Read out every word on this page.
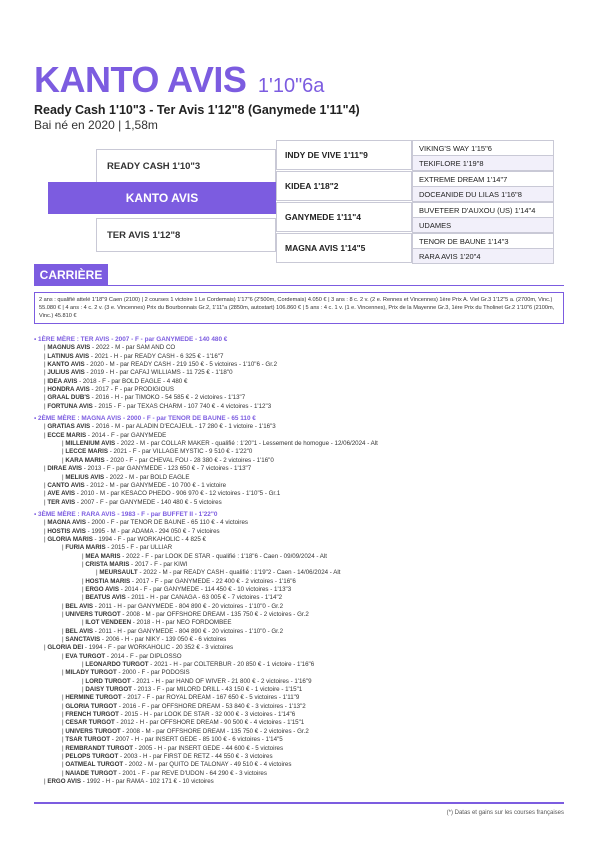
KANTO AVIS 1'10"6a
Ready Cash 1'10"3 - Ter Avis 1'12"8 (Ganymede 1'11"4)
Bai né en 2020 | 1,58m
READY CASH 1'10"3
KANTO AVIS
TER AVIS 1'12"8
INDY DE VIVE 1'11"9
KIDEA 1'18"2
GANYMEDE 1'11"4
MAGNA AVIS 1'14"5
VIKING'S WAY 1'15"6
TEKIFLORE 1'19"8
EXTREME DREAM 1'14"7
DOCEANIDE DU LILAS 1'16"8
BUVETEER D'AUXOU (US) 1'14"4
UDAMES
TENOR DE BAUNE 1'14"3
RARA AVIS 1'20"4
CARRIÈRE
2 ans : qualifié attelé 1'18"9 Caen (2100) | 2 courses 1 victoire 1 Le Cordemais) 1'17"6 (2'500m, Cordemais) 4.050 € | 3 ans : 8 c. 2 v. (2 e. Rennes et Vincennes) 1ère Prix A. Viel Gr.3 1'12"5 a. (2700m, Vinc.) 55.080 € | 4 ans : 4 c. 2 v. (3 e. Vincennes) Prix du Bourbonnais Gr.2, 1'11"a (2850m, autostart) 106.860 € | 5 ans : 4 c. 1 v. (1 e. Vincennes), Prix de la Mayenne Gr.3, 1ère Prix du Tholinet Gr.2 1'10"6 (2100m, Vinc.) 45.810 €
▪ 1ÈRE MÈRE : TER AVIS - 2007 - F - par GANYMEDE - 140 480 €
| MAGNUS AVIS - 2022 - M - par SAM AND CO
| LATINUS AVIS - 2021 - H - par READY CASH - 6 325 € - 1'16"7
| KANTO AVIS - 2020 - M - par READY CASH - 219 150 € - 5 victoires - 1'10"6 - Gr.2
| JULIUS AVIS - 2019 - H - par CAFAJ WILLIAMS - 11 725 € - 1'18"0
| IDEA AVIS - 2018 - F - par BOLD EAGLE - 4 480 €
| HONDRA AVIS - 2017 - F - par PRODIGIOUS
| GRAAL DUB'S - 2016 - H - par TIMOKO - 54 585 € - 2 victoires - 1'13"7
| FORTUNA AVIS - 2015 - F - par TEXAS CHARM - 107 740 € - 4 victoires - 1'12"3
▪ 2ÈME MÈRE : MAGNA AVIS - 2000 - F - par TENOR DE BAUNE - 65 110 €
| GRATIAS AVIS - 2016 - M - par ALADIN D'ECAJEUL - 17 280 € - 1 victoire - 1'16"3
| ECCE MARIS - 2014 - F - par GANYMEDE
| MILLENIUM AVIS - 2022 - M - par COLLAR MAKER - qualifié : 1'20"1 - Lessement de homogue - 12/06/2024 - Alt
| LECCE MARIS - 2021 - F - par VILLAGE MYSTIC - 9 510 € - 1'22"0
| KARA MARIS - 2020 - F - par CHEVAL FOU - 28 380 € - 2 victoires - 1'16"0
| DIRAE AVIS - 2013 - F - par GANYMEDE - 123 650 € - 7 victoires - 1'13"7
| MELIUS AVIS - 2022 - M - par BOLD EAGLE
| CANTO AVIS - 2012 - M - par GANYMEDE - 10 700 € - 1 victoire
| AVE AVIS - 2010 - M - par KESACO PHEDO - 906 970 € - 12 victoires - 1'10"5 - Gr.1
| TER AVIS - 2007 - F - par GANYMEDE - 140 480 € - 5 victoires
▪ 3ÈME MÈRE : RARA AVIS - 1983 - F - par BUFFET II - 1'22"0
| MAGNA AVIS - 2000 - F - par TENOR DE BAUNE - 65 110 € - 4 victoires
| HOSTIS AVIS - 1995 - M - par ADAMA - 294 050 € - 7 victoires
| GLORIA MARIS - 1994 - F - par WORKAHOLIC - 4 825 €
| FURIA MARIS - 2015 - F - par ULLIAR
| MEA MARIS - 2022 - F - par LOOK DE STAR - qualifié : 1'18"6 - Caen - 09/09/2024 - Alt
| CRISTA MARIS - 2017 - F - par KIWI
| MEURSAULT - 2022 - M - par READY CASH - qualifié : 1'19"2 - Caen - 14/06/2024 - Alt
| HOSTIA MARIS - 2017 - F - par GANYMEDE - 22 400 € - 2 victoires - 1'16"6
| ERGO AVIS - 2014 - F - par GANYMEDE - 114 450 € - 10 victoires - 1'13"3
| BEATUS AVIS - 2011 - H - par CANAGA - 63 005 € - 7 victoires - 1'14"2
| BEL AVIS - 2011 - H - par GANYMEDE - 804 890 € - 20 victoires - 1'10"0 - Gr.2
| UNIVERS TURGOT - 2008 - M - par OFFSHORE DREAM - 135 750 € - 2 victoires - Gr.2
| ILOT VENDEEN - 2018 - H - par NEO FORDOMBEE
| BEL AVIS - 2011 - H - par GANYMEDE - 804 890 € - 20 victoires - 1'10"0 - Gr.2
| SANCTAVIS - 2006 - H - par NIKY - 139 050 € - 6 victoires
| GLORIA DEI - 1994 - F - par WORKAHOLIC - 20 352 € - 3 victoires
| EVA TURGOT - 2014 - F - par DIPLOSSO
| LEONARDO TURGOT - 2021 - H - par COLTERBUR - 20 850 € - 1 victoire - 1'16"6
| MILADY TURGOT - 2000 - F - par PODOSIS
| LORD TURGOT - 2021 - H - par HAND OF WIVER - 21 800 € - 2 victoires - 1'16"9
| DAISY TURGOT - 2013 - F - par MILORD DRILL - 43 150 € - 1 victoire - 1'15"1
| HERMINE TURGOT - 2017 - F - par ROYAL DREAM - 167 650 € - 5 victoires - 1'11"9
| GLORIA TURGOT - 2016 - F - par OFFSHORE DREAM - 53 840 € - 3 victoires - 1'13"2
| FRENCH TURGOT - 2015 - H - par LOOK DE STAR - 32 000 € - 3 victoires - 1'14"6
| CESAR TURGOT - 2012 - H - par OFFSHORE DREAM - 90 500 € - 4 victoires - 1'15"1
| UNIVERS TURGOT - 2008 - M - par OFFSHORE DREAM - 135 750 € - 2 victoires - Gr.2
| TSAR TURGOT - 2007 - H - par INSERT GEDE - 85 100 € - 6 victoires - 1'14"5
| REMBRANDT TURGOT - 2005 - H - par INSERT GEDE - 44 600 € - 5 victoires
| PELOPS TURGOT - 2003 - H - par FIRST DE RETZ - 44 550 € - 3 victoires
| OATMEAL TURGOT - 2002 - M - par QUITO DE TALONAY - 49 510 € - 4 victoires
| NAIADE TURGOT - 2001 - F - par REVE D'UDON - 64 290 € - 3 victoires
| ERGO AVIS - 1992 - H - par RAMA - 102 171 € - 10 victoires
(*) Datas et gains sur les courses françaises
